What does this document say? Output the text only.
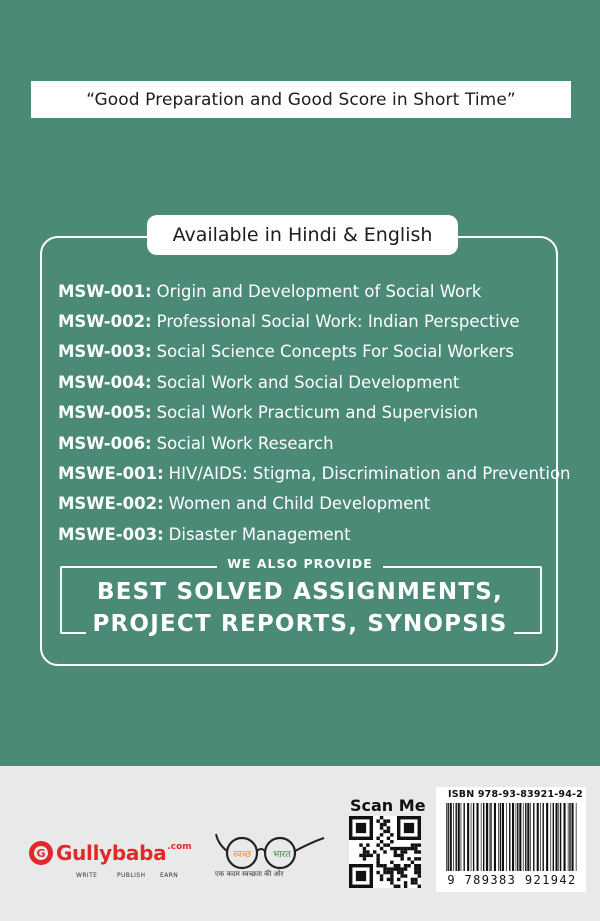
“Good Preparation and Good Score in Short Time”
Available in Hindi & English
MSW-001: Origin and Development of Social Work
MSW-002: Professional Social Work: Indian Perspective
MSW-003: Social Science Concepts For Social Workers
MSW-004: Social Work and Social Development
MSW-005: Social Work Practicum and Supervision
MSW-006: Social Work Research
MSWE-001: HIV/AIDS: Stigma, Discrimination and Prevention
MSWE-002: Women and Child Development
MSWE-003: Disaster Management
WE ALSO PROVIDE
BEST SOLVED ASSIGNMENTS,
PROJECT REPORTS, SYNOPSIS
G Gullybaba .com
WRITE	PUBLISH EARN
स्वच्छ भारत
एक कदम स्वच्छता की ओर
Scan Me
ISBN 978-93-83921-94-2
9 789383 921942
